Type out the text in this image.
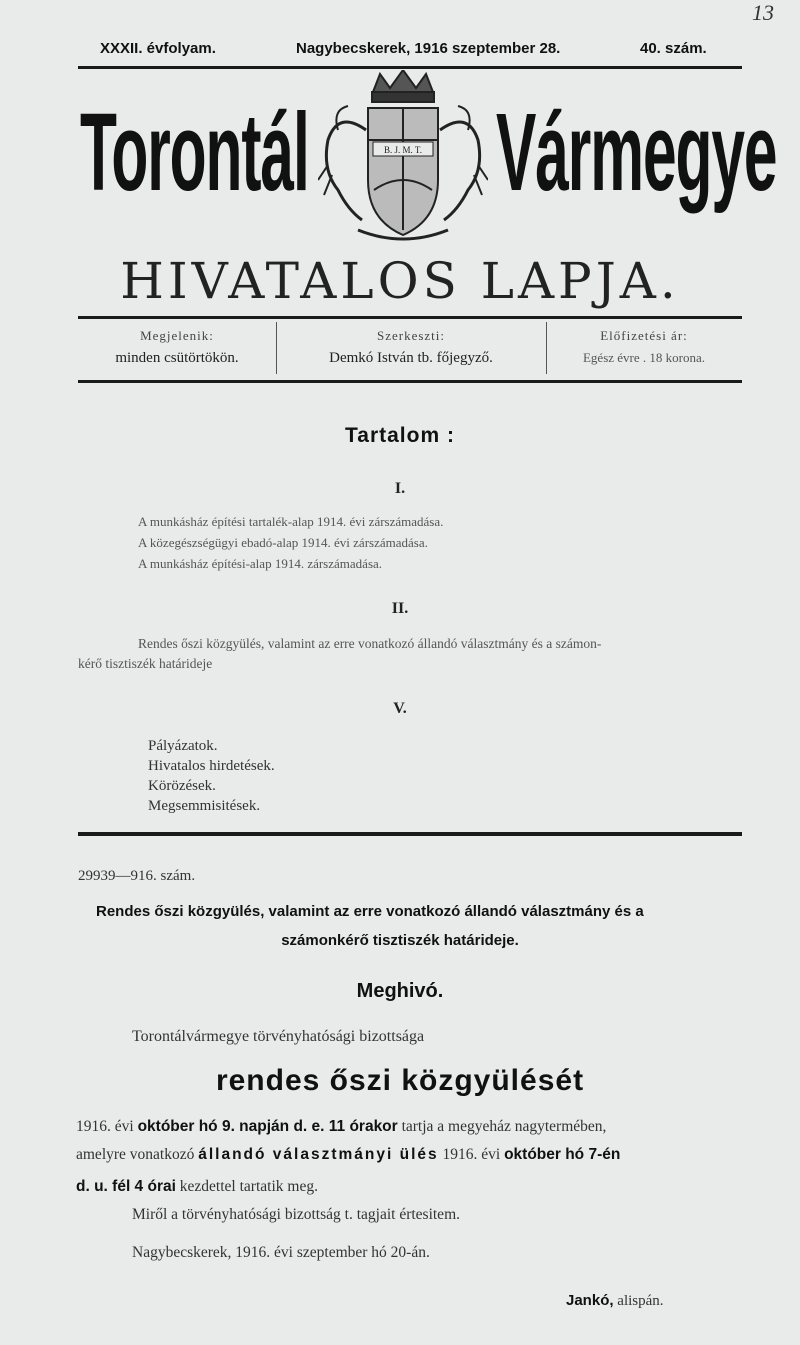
13
XXXII. évfolyam.	Nagybecskerek, 1916 szeptember 28.	40. szám.
Torontál Vármegye
B. J. M. T.
HIVATALOS LAPJA.
Megjelenik:
minden csütörtökön.
Szerkeszti:
Demkó István tb. főjegyző.
Előfizetési ár:
Egész évre . 18 korona.
Tartalom :
I.
A munkásház építési tartalék-alap 1914. évi zárszámadása.
A közegészségügyi ebadó-alap 1914. évi zárszámadása.
A munkásház építési-alap 1914. zárszámadása.
II.
Rendes őszi közgyülés, valamint az erre vonatkozó állandó választmány és a számon-
kérő tisztiszék határideje
V.
Pályázatok.
Hivatalos hirdetések.
Körözések.
Megsemmisitések.
29939—916. szám.
Rendes őszi közgyülés, valamint az erre vonatkozó állandó választmány és a
számonkérő tisztiszék határideje.
Meghivó.
Torontálvármegye törvényhatósági bizottsága
rendes őszi közgyülését
1916. évi október hó 9. napján d. e. 11 órakor tartja a megyeház nagytermében,
amelyre vonatkozó állandó választmányi ülés 1916. évi október hó 7-én
d. u. fél 4 órai kezdettel tartatik meg.
Miről a törvényhatósági bizottság t. tagjait értesitem.
Nagybecskerek, 1916. évi szeptember hó 20-án.
Jankó, alispán.
